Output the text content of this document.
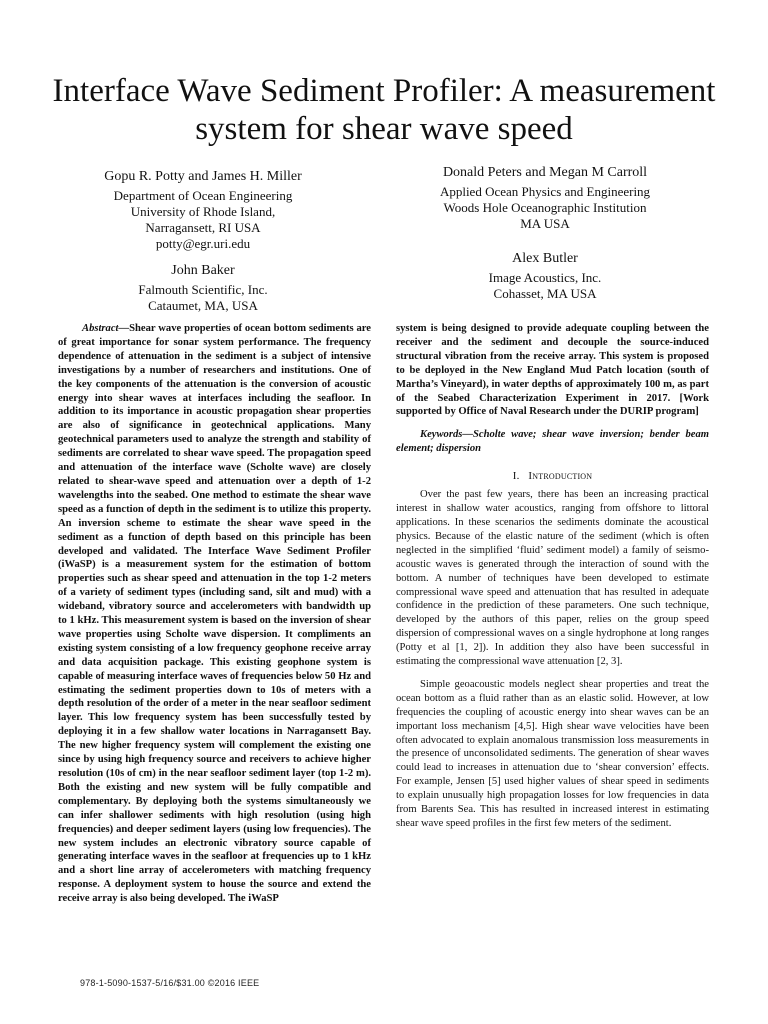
Interface Wave Sediment Profiler: A measurement system for shear wave speed
Gopu R. Potty and James H. Miller
Department of Ocean Engineering
University of Rhode Island,
Narragansett, RI USA
potty@egr.uri.edu
John Baker
Falmouth Scientific, Inc.
Cataumet, MA, USA
Donald Peters and Megan M Carroll
Applied Ocean Physics and Engineering
Woods Hole Oceanographic Institution
MA USA
Alex Butler
Image Acoustics, Inc.
Cohasset, MA USA

Abstract—Shear wave properties of ocean bottom sediments are of great importance for sonar system performance. The frequency dependence of attenuation in the sediment is a subject of intensive investigations by a number of researchers and institutions. One of the key components of the attenuation is the conversion of acoustic energy into shear waves at interfaces including the seafloor. In addition to its importance in acoustic propagation shear properties are also of significance in geotechnical applications. Many geotechnical parameters used to analyze the strength and stability of sediments are correlated to shear wave speed. The propagation speed and attenuation of the interface wave (Scholte wave) are closely related to shear-wave speed and attenuation over a depth of 1-2 wavelengths into the seabed. One method to estimate the shear wave speed as a function of depth in the sediment is to utilize this property. An inversion scheme to estimate the shear wave speed in the sediment as a function of depth based on this principle has been developed and validated. The Interface Wave Sediment Profiler (iWaSP) is a measurement system for the estimation of bottom properties such as shear speed and attenuation in the top 1-2 meters of a variety of sediment types (including sand, silt and mud) with a wideband, vibratory source and accelerometers with bandwidth up to 1 kHz. This measurement system is based on the inversion of shear wave properties using Scholte wave dispersion. It compliments an existing system consisting of a low frequency geophone receive array and data acquisition package. This existing geophone system is capable of measuring interface waves of frequencies below 50 Hz and estimating the sediment properties down to 10s of meters with a depth resolution of the order of a meter in the near seafloor sediment layer. This low frequency system has been successfully tested by deploying it in a few shallow water locations in Narragansett Bay. The new higher frequency system will complement the existing one since by using high frequency source and receivers to achieve higher resolution (10s of cm) in the near seafloor sediment layer (top 1-2 m). Both the existing and new system will be fully compatible and complementary. By deploying both the systems simultaneously we can infer shallower sediments with high resolution (using high frequencies) and deeper sediment layers (using low frequencies). The new system includes an electronic vibratory source capable of generating interface waves in the seafloor at frequencies up to 1 kHz and a short line array of accelerometers with matching frequency response. A deployment system to house the source and extend the receive array is also being developed. The iWaSP

system is being designed to provide adequate coupling between the receiver and the sediment and decouple the source-induced structural vibration from the receive array. This system is proposed to be deployed in the New England Mud Patch location (south of Martha’s Vineyard), in water depths of approximately 100 m, as part of the Seabed Characterization Experiment in 2017. [Work supported by Office of Naval Research under the DURIP program]

Keywords—Scholte wave; shear wave inversion; bender beam element; dispersion

I. Introduction

Over the past few years, there has been an increasing practical interest in shallow water acoustics, ranging from offshore to littoral applications. In these scenarios the sediments dominate the acoustical physics. Because of the elastic nature of the sediment (which is often neglected in the simplified ‘fluid’ sediment model) a family of seismo-acoustic waves is generated through the interaction of sound with the bottom. A number of techniques have been developed to estimate compressional wave speed and attenuation that has resulted in adequate confidence in the prediction of these parameters. One such technique, developed by the authors of this paper, relies on the group speed dispersion of compressional waves on a single hydrophone at long ranges (Potty et al [1, 2]). In addition they also have been successful in estimating the compressional wave attenuation [2, 3].

Simple geoacoustic models neglect shear properties and treat the ocean bottom as a fluid rather than as an elastic solid. However, at low frequencies the coupling of acoustic energy into shear waves can be an important loss mechanism [4,5]. High shear wave velocities have been often advocated to explain anomalous transmission loss measurements in the presence of unconsolidated sediments. The generation of shear waves could lead to increases in attenuation due to ‘shear conversion’ effects. For example, Jensen [5] used higher values of shear speed in sediments to explain unusually high propagation losses for low frequencies in data from Barents Sea. This has resulted in increased interest in estimating shear wave speed profiles in the first few meters of the sediment.

978-1-5090-1537-5/16/$31.00 ©2016 IEEE
